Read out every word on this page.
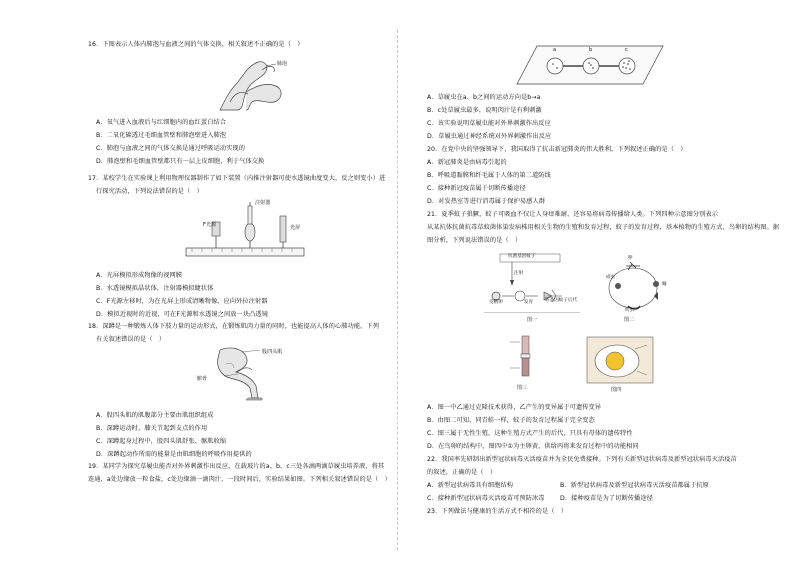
16．下图表示人体内肺泡与血液之间的气体交换，相关叙述不正确的是（　）
肺泡
A．氧气进入血液后与红细胞内的血红蛋白结合
B．二氧化碳透过毛细血管壁和肺泡壁进入肺泡
C．肺泡与血液之间的气体交换是通过呼吸运动实现的
D．肺泡壁和毛细血管壁都只有一层上皮细胞，利于气体交换
17．某校学生在实验课上利用物理仪器制作了如下装置（内推注射器可使水透镜曲度变大，反之则变小）进
行探究活动，下列说法错误的是（　）
F光源
注射器
光屏
A．光屏模拟形成物像的视网膜
B．水透镜模拟晶状体，注射器模拟睫状体
C．F光源左移时，为在光屏上形成清晰物像，应向外拉注射器
D．模拟近视时的近视，可在F光源和水透镜之间放一块凸透镜
18．深蹲是一种锻炼人体下肢力量的运动形式，在锻炼肌肉力量的同时，也能提高人体的心肺功能。下列
有关叙述错误的是（　）
股四头肌
髌骨
A．股四头肌的肌腹部分主要由肌组织组成
B．深蹲运动时，膝关节起到支点的作用
C．深蹲起身过程中，股四头肌舒张、髂肌收缩
D．深蹲起动作所需的能量是由肌细胞的呼吸作用提供的
19．某同学为探究草履虫能否对外界刺激作出反应，在载玻片的a、b、c三处各滴两滴草履虫培养液，将其
连通，a处边缘放一粒食盐，c处边缘滴一滴肉汁，一段时间后，实验结果如图。下列相关叙述错误的是（　）
a	b	c
A．草履虫在a、b之间的运动方向是b→a
B．c处草履虫最多，说明肉汁是有利刺激
C．该实验说明草履虫能对外界刺激作出反应
D．草履虫通过神经系统对外界刺激作出反应
20．在党中央的坚强领导下，我国取得了抗击新冠肺炎的伟大胜利。下列叙述正确的是（　）
A．新冠肺炎是由病毒引起的
B．呼吸道黏膜和纤毛属于人体的第二道防线
C．接种新冠疫苗属于切断传播途径
D．对发热室等进行消毒属于保护易感人群
21．夏季蚊子猖獗，蚊子可吸血不仅让人身痒难耐，还容易将病毒传播给人类。下列四种示意图分别表示
从某抗体抗菌抗毒草蚊菌体染发病株用相关生物的生殖和发育过程，蚊子的发育过程，基本植物的生殖方式，鸟卵的结构图。据
图分析，下列说法错误的是（　）
抗菌基因蚊子
注射
受精卵	发育	转基因蚊子后代
图一
卵
幼虫
蛹
成虫
图二
图三	图四
A．图一中乙通过克隆技术获得，乙产生的变异属于可遗传变异
B．由图二可知，同青蛙一样，蚊子的发育过程属于完全变态
C．图三属于无性生殖，这种生殖方式产生的后代，只具有母体的遗传特性
D．在鸟卵的结构中，图四中①为主卵黄，供给丙将来发育过程中的功能相同
22．我国率先研制出新型冠状病毒灭活疫苗并为全民免费接种。下列有关新型冠状病毒及新型冠状病毒灭活疫苗
的叙述，正确的是（　）
A．新型冠状病毒具有细胞结构	B．新型冠状病毒及新型冠状病毒灭活疫苗都属于抗原
C．接种新型冠状病毒灭活疫苗可预防冰毒 D．接种疫苗是为了切断传播途径
23．下列做法与健康的生活方式不相符的是（　）
